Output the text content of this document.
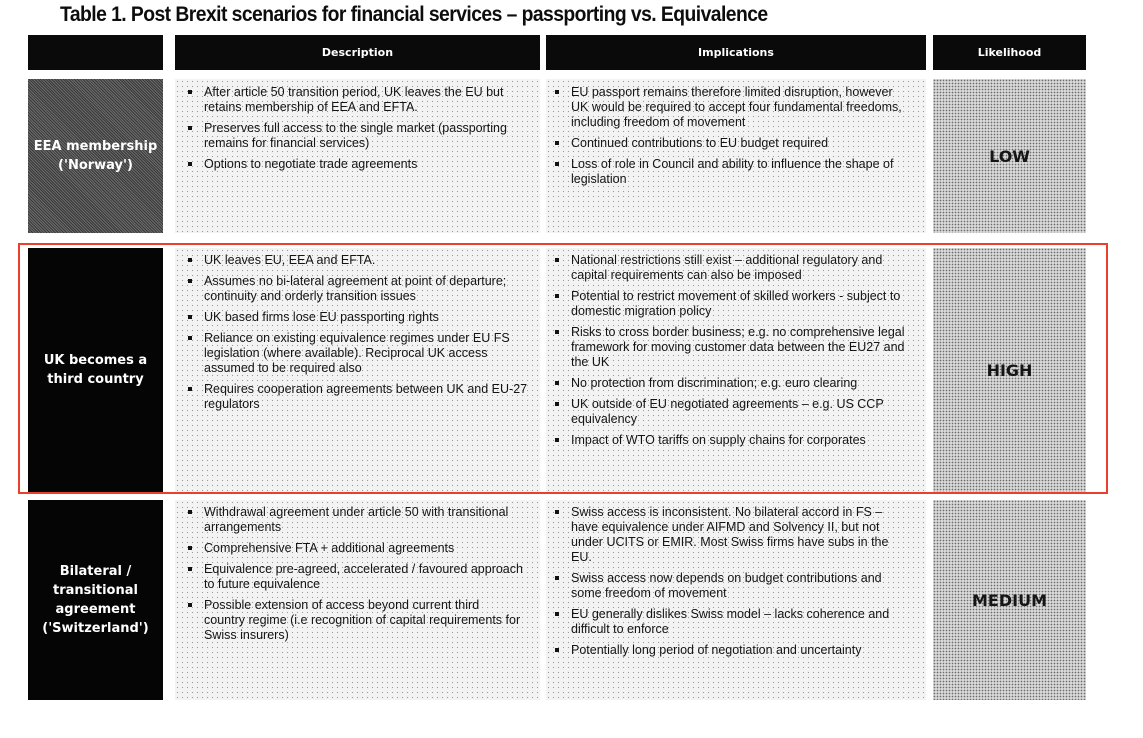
Table 1. Post Brexit scenarios for financial services – passporting vs. Equivalence
Description	Implications	Likelihood
EEA membership ('Norway')
After article 50 transition period, UK leaves the EU but retains membership of EEA and EFTA.
Preserves full access to the single market (passporting remains for financial services)
Options to negotiate trade agreements
EU passport remains therefore limited disruption, however UK would be required to accept four fundamental freedoms, including freedom of movement
Continued contributions to EU budget required
Loss of role in Council and ability to influence the shape of legislation
LOW
UK becomes a third country
UK leaves EU, EEA and EFTA.
Assumes no bi-lateral agreement at point of departure; continuity and orderly transition issues
UK based firms lose EU passporting rights
Reliance on existing equivalence regimes under EU FS legislation (where available). Reciprocal UK access assumed to be required also
Requires cooperation agreements between UK and EU-27 regulators
National restrictions still exist – additional regulatory and capital requirements can also be imposed
Potential to restrict movement of skilled workers - subject to domestic migration policy
Risks to cross border business; e.g. no comprehensive legal framework for moving customer data between the EU27 and the UK
No protection from discrimination; e.g. euro clearing
UK outside of EU negotiated agreements – e.g. US CCP equivalency
Impact of WTO tariffs on supply chains for corporates
HIGH
Bilateral / transitional agreement ('Switzerland')
Withdrawal agreement under article 50 with transitional arrangements
Comprehensive FTA + additional agreements
Equivalence pre-agreed, accelerated / favoured approach to future equivalence
Possible extension of access beyond current third country regime (i.e recognition of capital requirements for Swiss insurers)
Swiss access is inconsistent. No bilateral accord in FS – have equivalence under AIFMD and Solvency II, but not under UCITS or EMIR. Most Swiss firms have subs in the EU.
Swiss access now depends on budget contributions and some freedom of movement
EU generally dislikes Swiss model – lacks coherence and difficult to enforce
Potentially long period of negotiation and uncertainty
MEDIUM
